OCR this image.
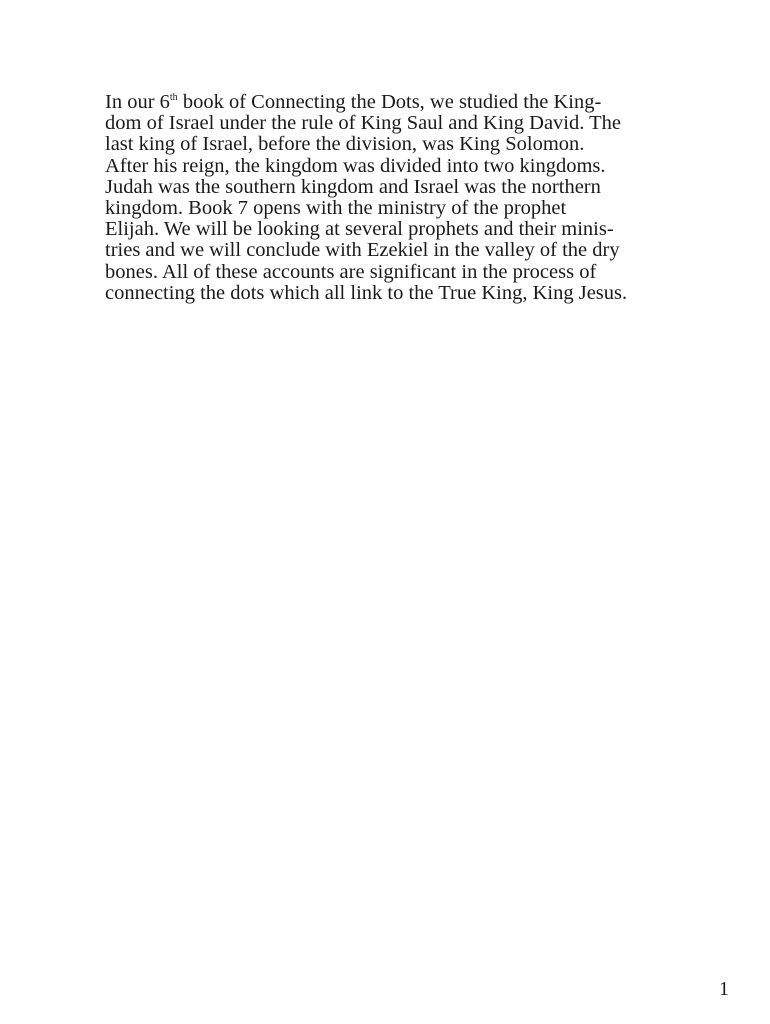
In our 6th book of Connecting the Dots, we studied the King-
dom of Israel under the rule of King Saul and King David. The
last king of Israel, before the division, was King Solomon.
After his reign, the kingdom was divided into two kingdoms.
Judah was the southern kingdom and Israel was the northern
kingdom. Book 7 opens with the ministry of the prophet
Elijah. We will be looking at several prophets and their minis-
tries and we will conclude with Ezekiel in the valley of the dry
bones. All of these accounts are significant in the process of
connecting the dots which all link to the True King, King Jesus.

1
